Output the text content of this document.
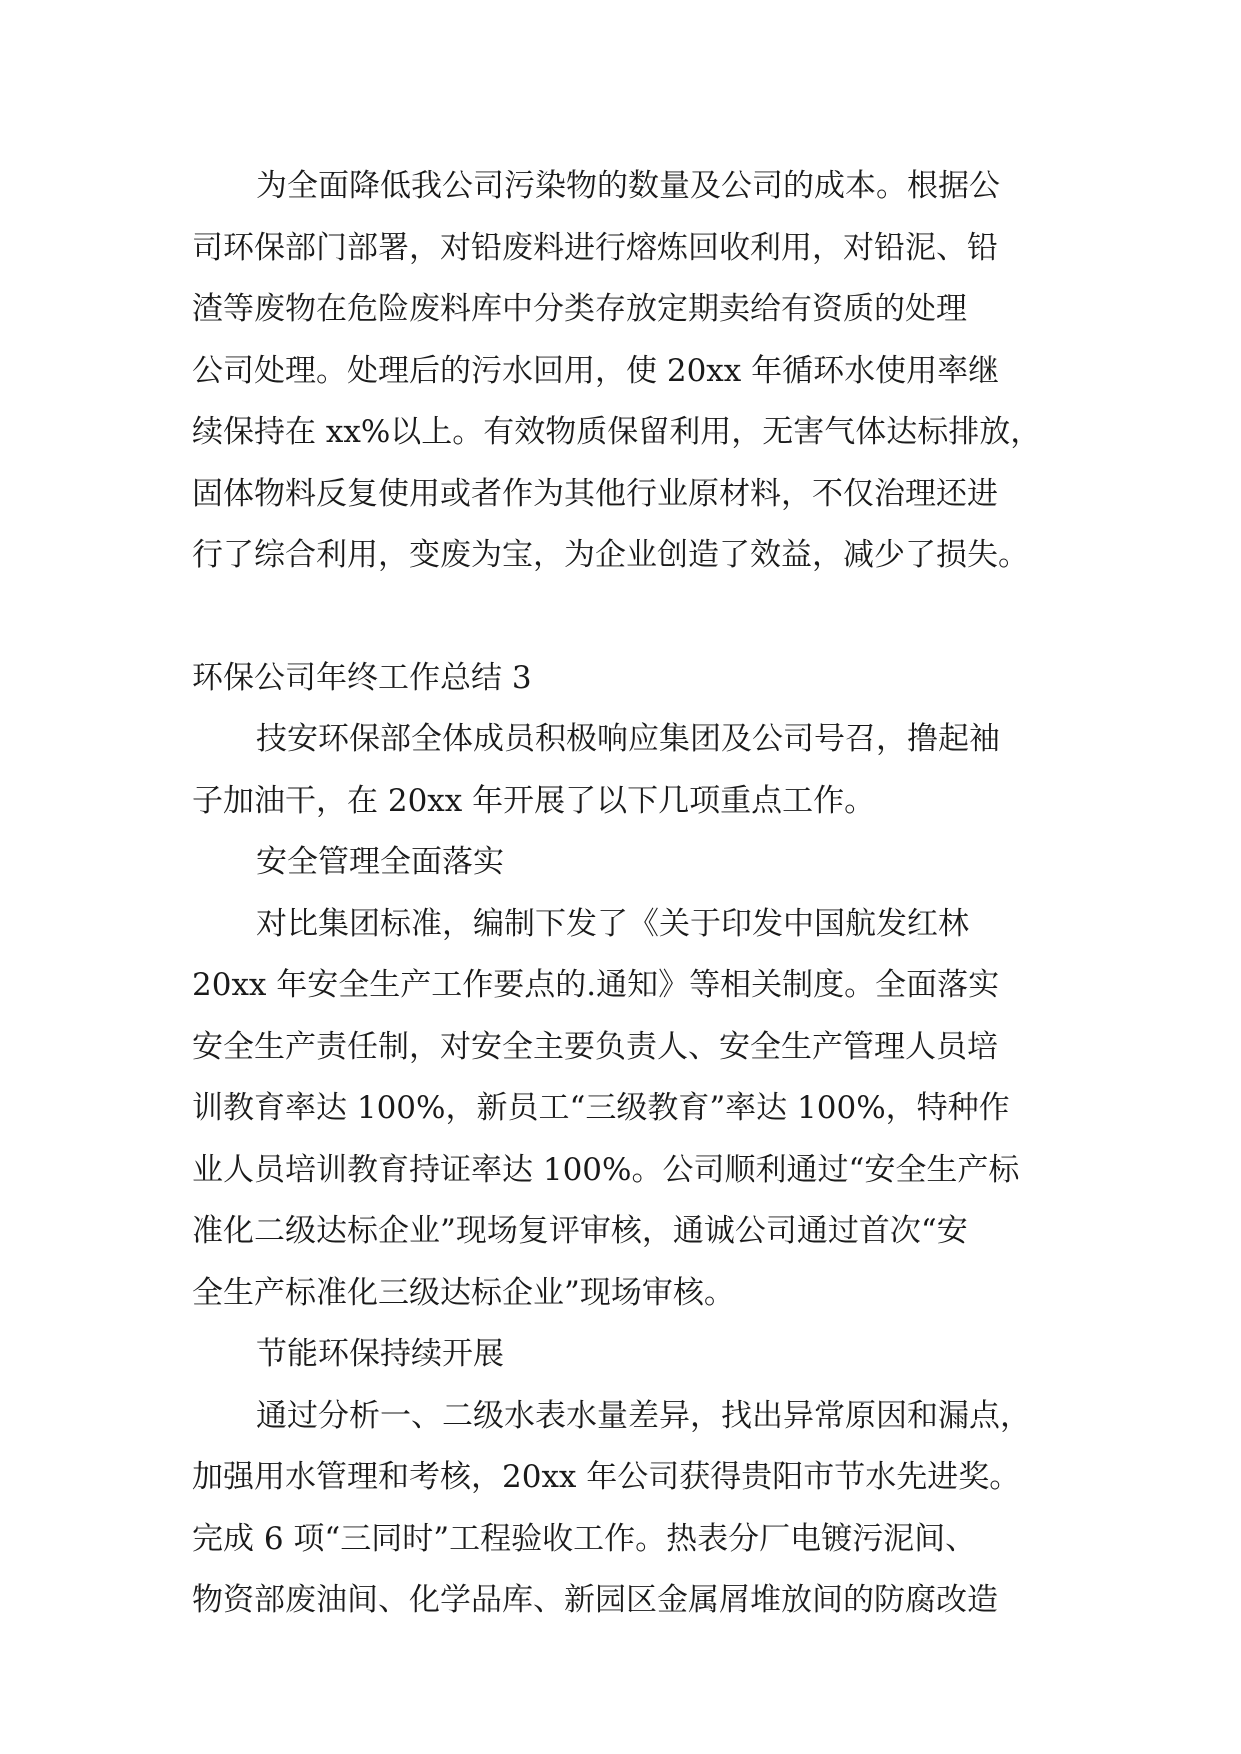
为全面降低我公司污染物的数量及公司的成本。根据公
司环保部门部署，对铅废料进行熔炼回收利用，对铅泥、铅
渣等废物在危险废料库中分类存放定期卖给有资质的处理
公司处理。处理后的污水回用，使 20xx 年循环水使用率继
续保持在 xx%以上。有效物质保留利用，无害气体达标排放，
固体物料反复使用或者作为其他行业原材料，不仅治理还进
行了综合利用，变废为宝，为企业创造了效益，减少了损失。
环保公司年终工作总结 3
技安环保部全体成员积极响应集团及公司号召，撸起袖
子加油干，在 20xx 年开展了以下几项重点工作。
安全管理全面落实
对比集团标准，编制下发了《关于印发中国航发红林
20xx 年安全生产工作要点的.通知》等相关制度。全面落实
安全生产责任制，对安全主要负责人、安全生产管理人员培
训教育率达 100%，新员工“三级教育”率达 100%，特种作
业人员培训教育持证率达 100%。公司顺利通过“安全生产标
准化二级达标企业”现场复评审核，通诚公司通过首次“安
全生产标准化三级达标企业”现场审核。
节能环保持续开展
通过分析一、二级水表水量差异，找出异常原因和漏点，
加强用水管理和考核，20xx 年公司获得贵阳市节水先进奖。
完成 6 项“三同时”工程验收工作。热表分厂电镀污泥间、
物资部废油间、化学品库、新园区金属屑堆放间的防腐改造
